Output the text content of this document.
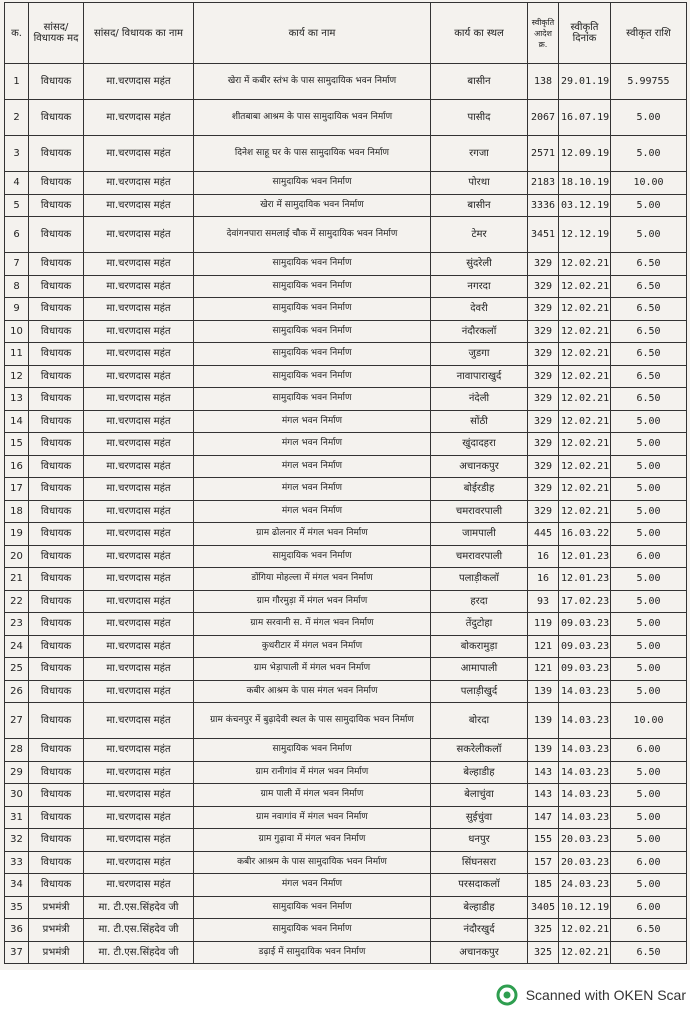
क.	सांसद/ विधायक मद	सांसद/ विधायक का नाम	कार्य का नाम	कार्य का स्थल	स्वीकृति आदेश क्र.	स्वीकृति दिनांक	स्वीकृत राशि
1	विधायक	मा.चरणदास महंत	खेरा में कबीर स्तंभ के पास सामुदायिक भवन निर्माण	बासीन	138	29.01.19	5.99755
2	विधायक	मा.चरणदास महंत	शीतबाबा आश्रम के पास सामुदायिक भवन निर्माण	पासीद	2067	16.07.19	5.00
3	विधायक	मा.चरणदास महंत	दिनेश साहू घर के पास सामुदायिक भवन निर्माण	रगजा	2571	12.09.19	5.00
4	विधायक	मा.चरणदास महंत	सामुदायिक भवन निर्माण	पोरथा	2183	18.10.19	10.00
5	विधायक	मा.चरणदास महंत	खेरा में सामुदायिक भवन निर्माण	बासीन	3336	03.12.19	5.00
6	विधायक	मा.चरणदास महंत	देवांगनपारा समलाई चौक में सामुदायिक भवन निर्माण	टेमर	3451	12.12.19	5.00
7	विधायक	मा.चरणदास महंत	सामुदायिक भवन निर्माण	सुंदरेली	329	12.02.21	6.50
8	विधायक	मा.चरणदास महंत	सामुदायिक भवन निर्माण	नगरदा	329	12.02.21	6.50
9	विधायक	मा.चरणदास महंत	सामुदायिक भवन निर्माण	देवरी	329	12.02.21	6.50
10	विधायक	मा.चरणदास महंत	सामुदायिक भवन निर्माण	नंदौरकलॉ	329	12.02.21	6.50
11	विधायक	मा.चरणदास महंत	सामुदायिक भवन निर्माण	जुडगा	329	12.02.21	6.50
12	विधायक	मा.चरणदास महंत	सामुदायिक भवन निर्माण	नावापाराखुर्द	329	12.02.21	6.50
13	विधायक	मा.चरणदास महंत	सामुदायिक भवन निर्माण	नंदेली	329	12.02.21	6.50
14	विधायक	मा.चरणदास महंत	मंगल भवन निर्माण	सोंठी	329	12.02.21	5.00
15	विधायक	मा.चरणदास महंत	मंगल भवन निर्माण	खुंदादहरा	329	12.02.21	5.00
16	विधायक	मा.चरणदास महंत	मंगल भवन निर्माण	अचानकपुर	329	12.02.21	5.00
17	विधायक	मा.चरणदास महंत	मंगल भवन निर्माण	बोईरडीह	329	12.02.21	5.00
18	विधायक	मा.चरणदास महंत	मंगल भवन निर्माण	चमरावरपाली	329	12.02.21	5.00
19	विधायक	मा.चरणदास महंत	ग्राम ढोलनार में मंगल भवन निर्माण	जामपाली	445	16.03.22	5.00
20	विधायक	मा.चरणदास महंत	सामुदायिक भवन निर्माण	चमरावरपाली	16	12.01.23	6.00
21	विधायक	मा.चरणदास महंत	डोंगिया मोहल्ला में मंगल भवन निर्माण	पलाड़ीकलॉ	16	12.01.23	5.00
22	विधायक	मा.चरणदास महंत	ग्राम गौरमुड़ा में मंगल भवन निर्माण	हरदा	93	17.02.23	5.00
23	विधायक	मा.चरणदास महंत	ग्राम सरवानी स. में मंगल भवन निर्माण	तेंदुटोहा	119	09.03.23	5.00
24	विधायक	मा.चरणदास महंत	कुधरीटार में मंगल भवन निर्माण	बोकरामुड़ा	121	09.03.23	5.00
25	विधायक	मा.चरणदास महंत	ग्राम भेड़ापाली में मंगल भवन निर्माण	आमापाली	121	09.03.23	5.00
26	विधायक	मा.चरणदास महंत	कबीर आश्रम के पास मंगल भवन निर्माण	पलाड़ीखुर्द	139	14.03.23	5.00
27	विधायक	मा.चरणदास महंत	ग्राम कंचनपुर में बुढ़ादेवी स्थल के पास सामुदायिक भवन निर्माण	बोरदा	139	14.03.23	10.00
28	विधायक	मा.चरणदास महंत	सामुदायिक भवन निर्माण	सकरेलीकलॉ	139	14.03.23	6.00
29	विधायक	मा.चरणदास महंत	ग्राम रानीगांव में मंगल भवन निर्माण	बेल्हाडीह	143	14.03.23	5.00
30	विधायक	मा.चरणदास महंत	ग्राम पाली में मंगल भवन निर्माण	बेलाचुंवा	143	14.03.23	5.00
31	विधायक	मा.चरणदास महंत	ग्राम नवागांव में मंगल भवन निर्माण	सुईचुंवा	147	14.03.23	5.00
32	विधायक	मा.चरणदास महंत	ग्राम गुढ़ावा में मंगल भवन निर्माण	धनपुर	155	20.03.23	5.00
33	विधायक	मा.चरणदास महंत	कबीर आश्रम के पास सामुदायिक भवन निर्माण	सिंघनसरा	157	20.03.23	6.00
34	विधायक	मा.चरणदास महंत	मंगल भवन निर्माण	परसदाकलॉ	185	24.03.23	5.00
35	प्रभमंत्री	मा. टी.एस.सिंहदेव जी	सामुदायिक भवन निर्माण	बेल्हाडीह	3405	10.12.19	6.00
36	प्रभमंत्री	मा. टी.एस.सिंहदेव जी	सामुदायिक भवन निर्माण	नंदौरखुर्द	325	12.02.21	6.50
37	प्रभमंत्री	मा. टी.एस.सिंहदेव जी	डढ़ाई में सामुदायिक भवन निर्माण	अचानकपुर	325	12.02.21	6.50
Scanned with OKEN Scar
